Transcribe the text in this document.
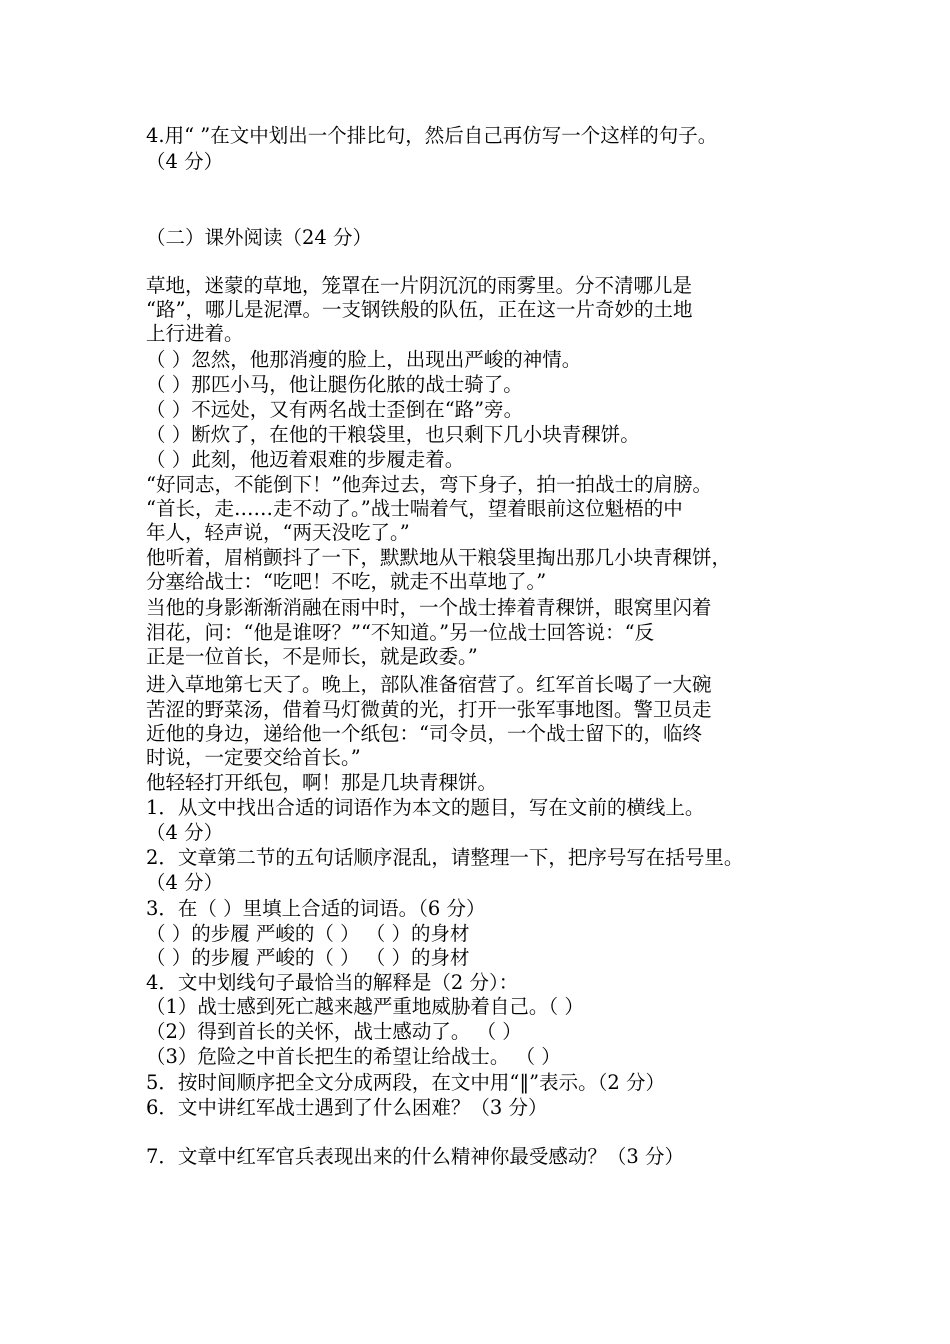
4.用“ ”在文中划出一个排比句，然后自己再仿写一个这样的句子。
（4 分）
（二）课外阅读（24 分）
草地，迷蒙的草地，笼罩在一片阴沉沉的雨雾里。分不清哪儿是
“路”，哪儿是泥潭。一支钢铁般的队伍，正在这一片奇妙的土地
上行进着。
（ ）忽然，他那消瘦的脸上，出现出严峻的神情。
（ ）那匹小马，他让腿伤化脓的战士骑了。
（ ）不远处，又有两名战士歪倒在“路”旁。
（ ）断炊了，在他的干粮袋里，也只剩下几小块青稞饼。
（ ）此刻，他迈着艰难的步履走着。
“好同志，不能倒下！”他奔过去，弯下身子，拍一拍战士的肩膀。
“首长，走……走不动了。”战士喘着气，望着眼前这位魁梧的中
年人，轻声说，“两天没吃了。”
他听着，眉梢颤抖了一下，默默地从干粮袋里掏出那几小块青稞饼，
分塞给战士：“吃吧！不吃，就走不出草地了。”
当他的身影渐渐消融在雨中时，一个战士捧着青稞饼，眼窝里闪着
泪花，问：“他是谁呀？”“不知道。”另一位战士回答说：“反
正是一位首长，不是师长，就是政委。”
进入草地第七天了。晚上，部队准备宿营了。红军首长喝了一大碗
苦涩的野菜汤，借着马灯微黄的光，打开一张军事地图。警卫员走
近他的身边，递给他一个纸包：“司令员，一个战士留下的，临终
时说，一定要交给首长。”
他轻轻打开纸包，啊！那是几块青稞饼。
1．从文中找出合适的词语作为本文的题目，写在文前的横线上。
（4 分）
2．文章第二节的五句话顺序混乱，请整理一下，把序号写在括号里。
（4 分）
3．在（ ）里填上合适的词语。（6 分）
（ ）的步履 严峻的（ ） （ ）的身材
（ ）的步履 严峻的（ ） （ ）的身材
4．文中划线句子最恰当的解释是（2 分）：
（1）战士感到死亡越来越严重地威胁着自己。（ ）
（2）得到首长的关怀，战士感动了。 （ ）
（3）危险之中首长把生的希望让给战士。 （ ）
5．按时间顺序把全文分成两段，在文中用“‖”表示。（2 分）
6．文中讲红军战士遇到了什么困难？（3 分）
7．文章中红军官兵表现出来的什么精神你最受感动？（3 分）
